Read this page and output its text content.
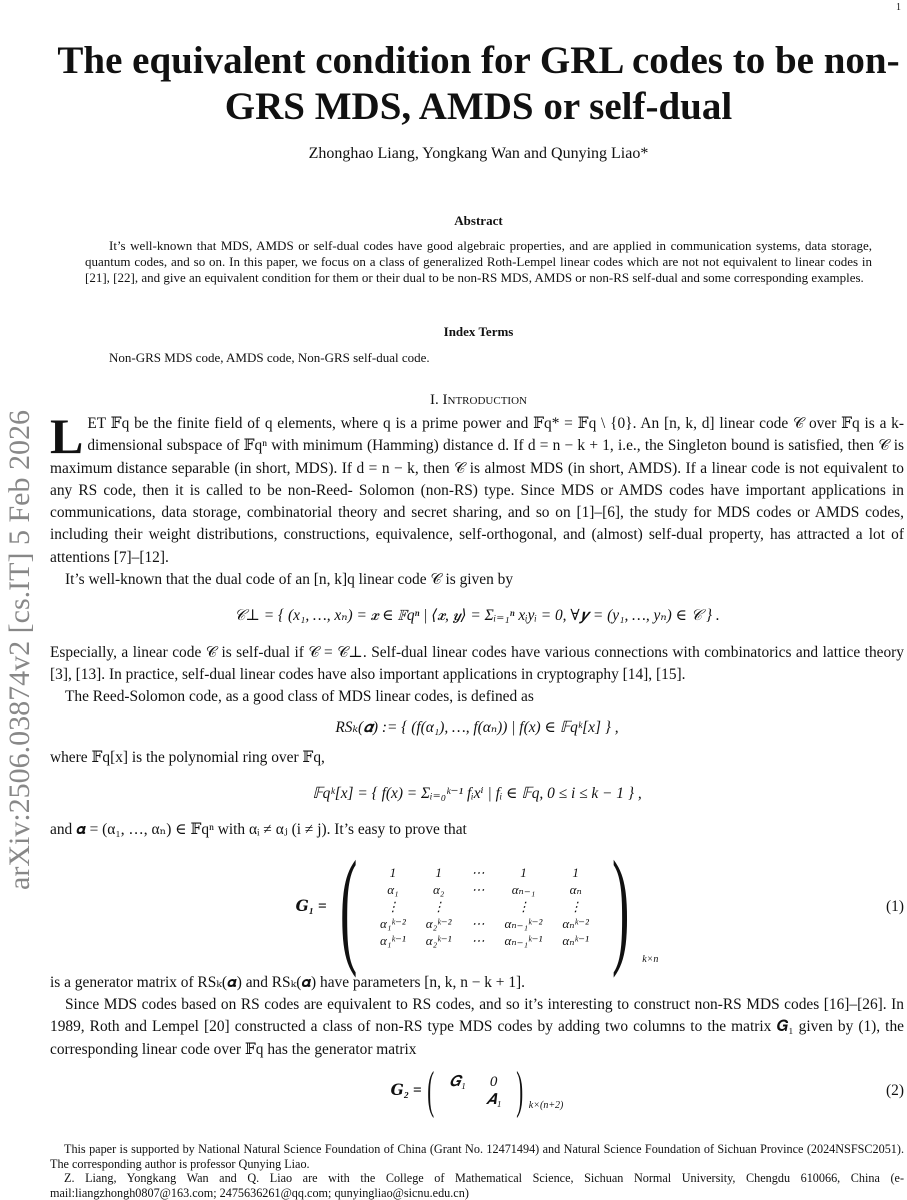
1
arXiv:2506.03874v2 [cs.IT] 5 Feb 2026
The equivalent condition for GRL codes to be non-GRS MDS, AMDS or self-dual
Zhonghao Liang, Yongkang Wan and Qunying Liao*
Abstract
It’s well-known that MDS, AMDS or self-dual codes have good algebraic properties, and are applied in communication systems, data storage, quantum codes, and so on. In this paper, we focus on a class of generalized Roth-Lempel linear codes which are not not equivalent to linear codes in [21], [22], and give an equivalent condition for them or their dual to be non-RS MDS, AMDS or non-RS self-dual and some corresponding examples.
Index Terms
Non-GRS MDS code, AMDS code, Non-GRS self-dual code.
I. Introduction

LET 𝔽q be the finite field of q elements, where q is a prime power and 𝔽q* = 𝔽q \ {0}. An [n, k, d] linear code 𝒞 over 𝔽q is a k-dimensional subspace of 𝔽qⁿ with minimum (Hamming) distance d. If d = n − k + 1, i.e., the Singleton bound is satisfied, then 𝒞 is maximum distance separable (in short, MDS). If d = n − k, then 𝒞 is almost MDS (in short, AMDS). If a linear code is not equivalent to any RS code, then it is called to be non-Reed- Solomon (non-RS) type. Since MDS or AMDS codes have important applications in communications, data storage, combinatorial theory and secret sharing, and so on [1]–[6], the study for MDS codes or AMDS codes, including their weight distributions, constructions, equivalence, self-orthogonal, and (almost) self-dual property, has attracted a lot of attentions [7]–[12].

It’s well-known that the dual code of an [n, k]q linear code 𝒞 is given by

𝒞⊥ = { (x₁, …, xₙ) = 𝒙 ∈ 𝔽qⁿ | ⟨𝒙, 𝒚⟩ = Σᵢ₌₁ⁿ xᵢyᵢ = 0, ∀𝒚 = (y₁, …, yₙ) ∈ 𝒞 } .

Especially, a linear code 𝒞 is self-dual if 𝒞 = 𝒞⊥. Self-dual linear codes have various connections with combinatorics and lattice theory [3], [13]. In practice, self-dual linear codes have also important applications in cryptography [14], [15].

The Reed-Solomon code, as a good class of MDS linear codes, is defined as

RSₖ(𝜶) := { (f(α₁), …, f(αₙ)) | f(x) ∈ 𝔽qᵏ[x] } ,

where 𝔽q[x] is the polynomial ring over 𝔽q,

𝔽qᵏ[x] = { f(x) = Σᵢ₌₀ᵏ⁻¹ fᵢxⁱ | fᵢ ∈ 𝔽q, 0 ≤ i ≤ k − 1 } ,

and 𝜶 = (α₁, …, αₙ) ∈ 𝔽qⁿ with αᵢ ≠ αⱼ (i ≠ j). It’s easy to prove that

𝑮₁ = (	1	1	⋯	1	1
α₁	α₂	⋯	αₙ₋₁	αₙ
⋮	⋮		⋮	⋮
α₁ᵏ⁻²	α₂ᵏ⁻²	⋯	αₙ₋₁ᵏ⁻²	αₙᵏ⁻²
α₁ᵏ⁻¹	α₂ᵏ⁻¹	⋯	αₙ₋₁ᵏ⁻¹	αₙᵏ⁻¹ ) k×n
(1)

is a generator matrix of RSₖ(𝜶) and RSₖ(𝜶) have parameters [n, k, n − k + 1].

Since MDS codes based on RS codes are equivalent to RS codes, and so it’s interesting to construct non-RS MDS codes [16]–[26]. In 1989, Roth and Lempel [20] constructed a class of non-RS type MDS codes by adding two columns to the matrix 𝑮₁ given by (1), the corresponding linear code over 𝔽q has the generator matrix

𝑮₂ = ( 𝑮₁	0
	𝑨₁ ) k×(n+2)
(2)

This paper is supported by National Natural Science Foundation of China (Grant No. 12471494) and Natural Science Foundation of Sichuan Province (2024NSFSC2051). The corresponding author is professor Qunying Liao.

Z. Liang, Yongkang Wan and Q. Liao are with the College of Mathematical Science, Sichuan Normal University, Chengdu 610066, China (e-mail:liangzhongh0807@163.com; 2475636261@qq.com; qunyingliao@sicnu.edu.cn)
